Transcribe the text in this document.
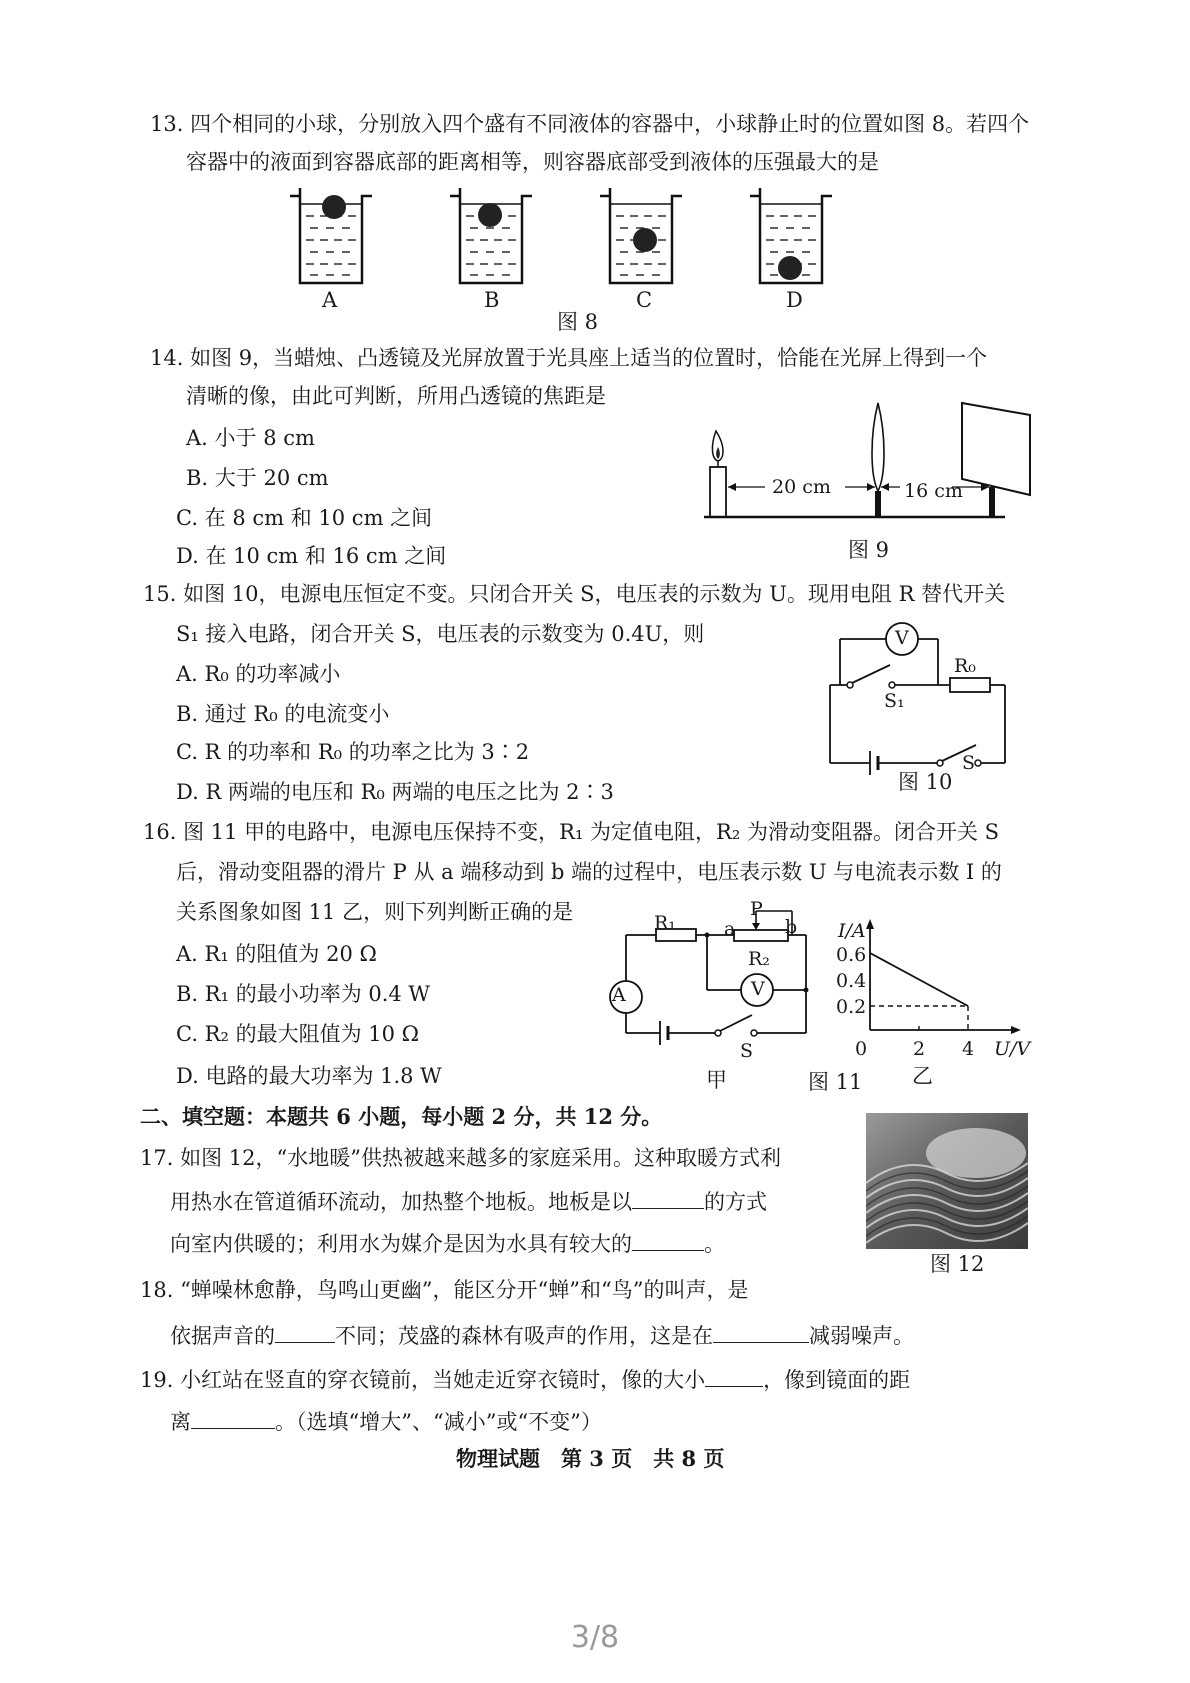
13. 四个相同的小球，分别放入四个盛有不同液体的容器中，小球静止时的位置如图 8。若四个
容器中的液面到容器底部的距离相等，则容器底部受到液体的压强最大的是
A	B	C	D
图 8
14. 如图 9，当蜡烛、凸透镜及光屏放置于光具座上适当的位置时，恰能在光屏上得到一个
清晰的像，由此可判断，所用凸透镜的焦距是
A. 小于 8 cm
B. 大于 20 cm
C. 在 8 cm 和 10 cm 之间
D. 在 10 cm 和 16 cm 之间
20 cm	16 cm
图 9
15. 如图 10，电源电压恒定不变。只闭合开关 S，电压表的示数为 U。现用电阻 R 替代开关
S₁ 接入电路，闭合开关 S，电压表的示数变为 0.4U，则
A. R₀ 的功率减小
B. 通过 R₀ 的电流变小
C. R 的功率和 R₀ 的功率之比为 3∶2
D. R 两端的电压和 R₀ 两端的电压之比为 2∶3
V
R₀
S₁
S
图 10
16. 图 11 甲的电路中，电源电压保持不变，R₁ 为定值电阻，R₂ 为滑动变阻器。闭合开关 S
后，滑动变阻器的滑片 P 从 a 端移动到 b 端的过程中，电压表示数 U 与电流表示数 I 的
关系图象如图 11 乙，则下列判断正确的是
A. R₁ 的阻值为 20 Ω
B. R₁ 的最小功率为 0.4 W
C. R₂ 的最大阻值为 10 Ω
D. 电路的最大功率为 1.8 W
R₁	a
P
b
R₂
A	V
S
甲
I/A
0.6
0.4
0.2
0 2 4 U/V
图 11 乙
二、填空题：本题共 6 小题，每小题 2 分，共 12 分。
17. 如图 12，“水地暖”供热被越来越多的家庭采用。这种取暖方式利
用热水在管道循环流动，加热整个地板。地板是以	的方式
向室内供暖的；利用水为媒介是因为水具有较大的	。
图 12
18. “蝉噪林愈静，鸟鸣山更幽”，能区分开“蝉”和“鸟”的叫声，是
依据声音的	不同；茂盛的森林有吸声的作用，这是在	减弱噪声。
19. 小红站在竖直的穿衣镜前，当她走近穿衣镜时，像的大小	，像到镜面的距
离	。（选填“增大”、“减小”或“不变”）
物理试题　第 3 页　共 8 页
3/8
